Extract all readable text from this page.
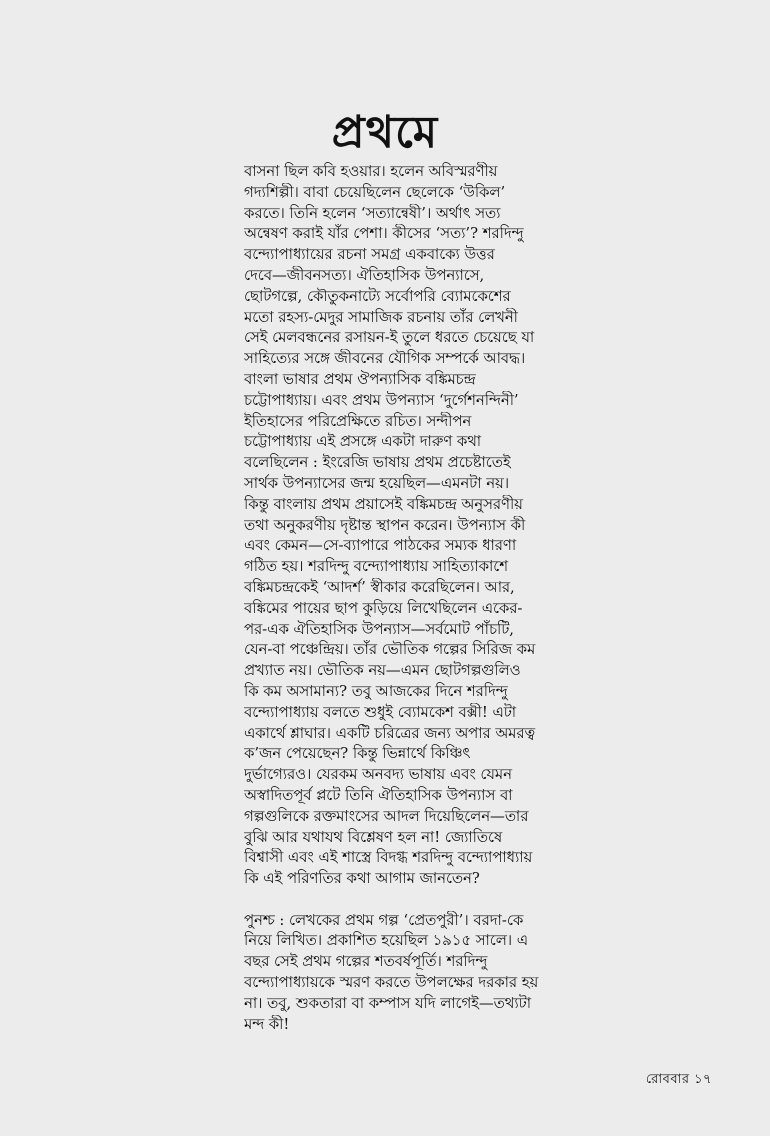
প্রথমে
বাসনা ছিল কবি হওয়ার। হলেন অবিস্মরণীয়
গদ্যশিল্পী। বাবা চেয়েছিলেন ছেলেকে ‘উকিল’
করতে। তিনি হলেন ‘সত্যান্বেষী’। অর্থাৎ সত্য
অন্বেষণ করাই যাঁর পেশা। কীসের ‘সত্য’? শরদিন্দু
বন্দ্যোপাধ্যায়ের রচনা সমগ্র একবাক্যে উত্তর
দেবে—জীবনসত্য। ঐতিহাসিক উপন্যাসে,
ছোটগল্পে, কৌতুকনাট্যে সর্বোপরি ব্যোমকেশের
মতো রহস্য-মেদুর সামাজিক রচনায় তাঁর লেখনী
সেই মেলবন্ধনের রসায়ন-ই তুলে ধরতে চেয়েছে যা
সাহিত্যের সঙ্গে জীবনের যৌগিক সম্পর্কে আবদ্ধ।
বাংলা ভাষার প্রথম ঔপন্যাসিক বঙ্কিমচন্দ্র
চট্টোপাধ্যায়। এবং প্রথম উপন্যাস ‘দুর্গেশনন্দিনী’
ইতিহাসের পরিপ্রেক্ষিতে রচিত। সন্দীপন
চট্টোপাধ্যায় এই প্রসঙ্গে একটা দারুণ কথা
বলেছিলেন : ইংরেজি ভাষায় প্রথম প্রচেষ্টাতেই
সার্থক উপন্যাসের জন্ম হয়েছিল—এমনটা নয়।
কিন্তু বাংলায় প্রথম প্রয়াসেই বঙ্কিমচন্দ্র অনুসরণীয়
তথা অনুকরণীয় দৃষ্টান্ত স্থাপন করেন। উপন্যাস কী
এবং কেমন—সে-ব্যাপারে পাঠকের সম্যক ধারণা
গঠিত হয়। শরদিন্দু বন্দ্যোপাধ্যায় সাহিত্যাকাশে
বঙ্কিমচন্দ্রকেই ‘আদর্শ’ স্বীকার করেছিলেন। আর,
বঙ্কিমের পায়ের ছাপ কুড়িয়ে লিখেছিলেন একের-
পর-এক ঐতিহাসিক উপন্যাস—সর্বমোট পাঁচটি,
যেন-বা পঞ্চেন্দ্রিয়। তাঁর ভৌতিক গল্পের সিরিজ কম
প্রখ্যাত নয়। ভৌতিক নয়—এমন ছোটগল্পগুলিও
কি কম অসামান্য? তবু আজকের দিনে শরদিন্দু
বন্দ্যোপাধ্যায় বলতে শুধুই ব্যোমকেশ বক্সী! এটা
একার্থে শ্লাঘার। একটি চরিত্রের জন্য অপার অমরত্ব
ক’জন পেয়েছেন? কিন্তু ভিন্নার্থে কিঞ্চিৎ
দুর্ভাগ্যেরও। যেরকম অনবদ্য ভাষায় এবং যেমন
অস্বাদিতপূর্ব প্লটে তিনি ঐতিহাসিক উপন্যাস বা
গল্পগুলিকে রক্তমাংসের আদল দিয়েছিলেন—তার
বুঝি আর যথাযথ বিশ্লেষণ হল না! জ্যোতিষে
বিশ্বাসী এবং এই শাস্ত্রে বিদগ্ধ শরদিন্দু বন্দ্যোপাধ্যায়
কি এই পরিণতির কথা আগাম জানতেন?
পুনশ্চ : লেখকের প্রথম গল্প ‘প্রেতপুরী’। বরদা-কে
নিয়ে লিখিত। প্রকাশিত হয়েছিল ১৯১৫ সালে। এ
বছর সেই প্রথম গল্পের শতবর্ষপূর্তি। শরদিন্দু
বন্দ্যোপাধ্যায়কে স্মরণ করতে উপলক্ষের দরকার হয়
না। তবু, শুকতারা বা কম্পাস যদি লাগেই—তথ্যটা
মন্দ কী!
রোববার ১৭
